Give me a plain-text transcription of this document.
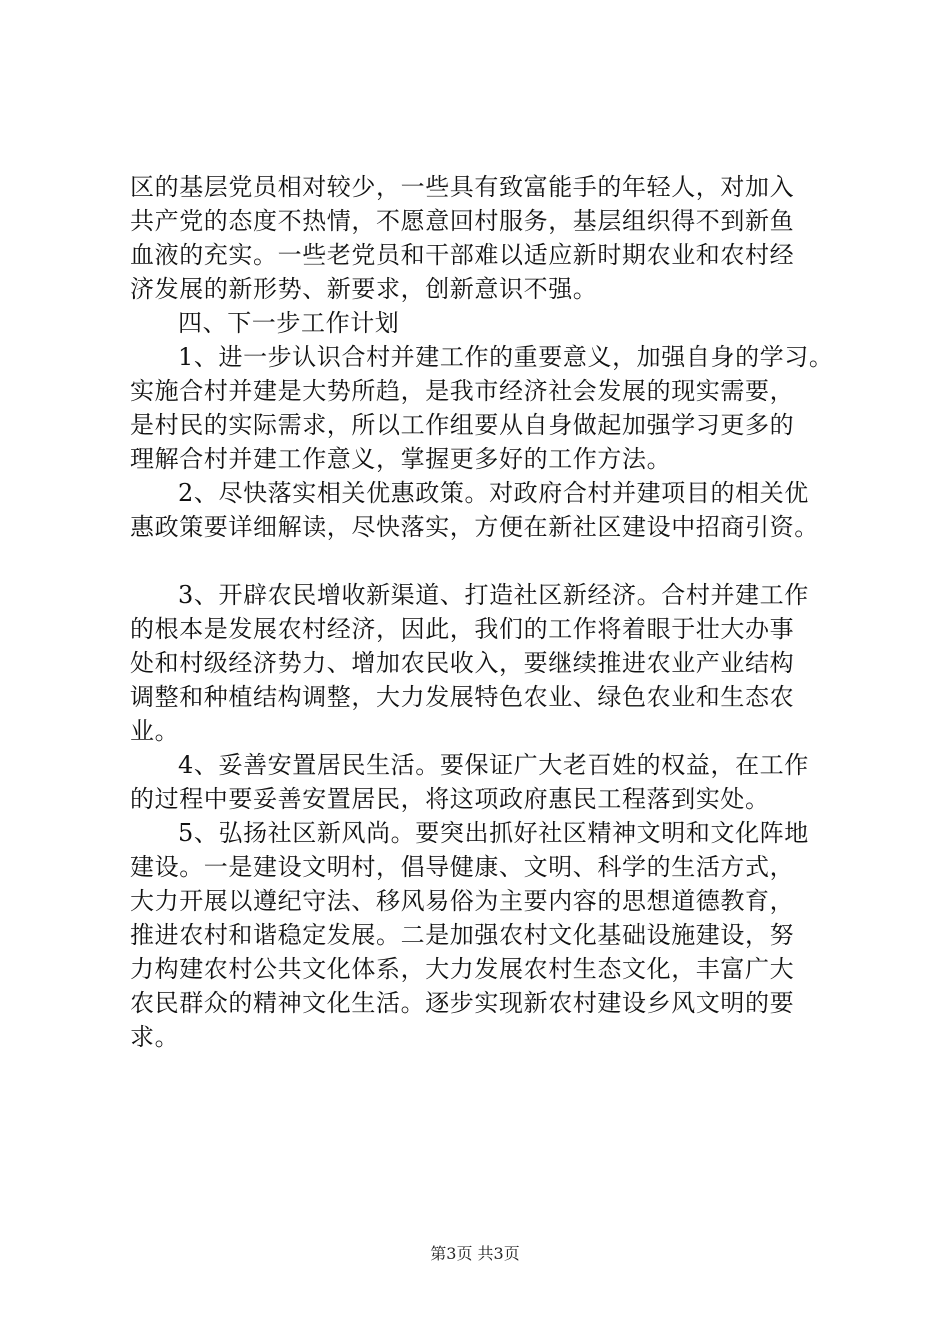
区的基层党员相对较少，一些具有致富能手的年轻人，对加入
共产党的态度不热情，不愿意回村服务，基层组织得不到新鱼
血液的充实。一些老党员和干部难以适应新时期农业和农村经
济发展的新形势、新要求，创新意识不强。
四、下一步工作计划
1、进一步认识合村并建工作的重要意义，加强自身的学习。
实施合村并建是大势所趋，是我市经济社会发展的现实需要，
是村民的实际需求，所以工作组要从自身做起加强学习更多的
理解合村并建工作意义，掌握更多好的工作方法。
2、尽快落实相关优惠政策。对政府合村并建项目的相关优
惠政策要详细解读，尽快落实，方便在新社区建设中招商引资。
3、开辟农民增收新渠道、打造社区新经济。合村并建工作
的根本是发展农村经济，因此，我们的工作将着眼于壮大办事
处和村级经济势力、增加农民收入，要继续推进农业产业结构
调整和种植结构调整，大力发展特色农业、绿色农业和生态农
业。
4、妥善安置居民生活。要保证广大老百姓的权益，在工作
的过程中要妥善安置居民，将这项政府惠民工程落到实处。
5、弘扬社区新风尚。要突出抓好社区精神文明和文化阵地
建设。一是建设文明村，倡导健康、文明、科学的生活方式，
大力开展以遵纪守法、移风易俗为主要内容的思想道德教育，
推进农村和谐稳定发展。二是加强农村文化基础设施建设，努
力构建农村公共文化体系，大力发展农村生态文化，丰富广大
农民群众的精神文化生活。逐步实现新农村建设乡风文明的要
求。
第3页 共3页
